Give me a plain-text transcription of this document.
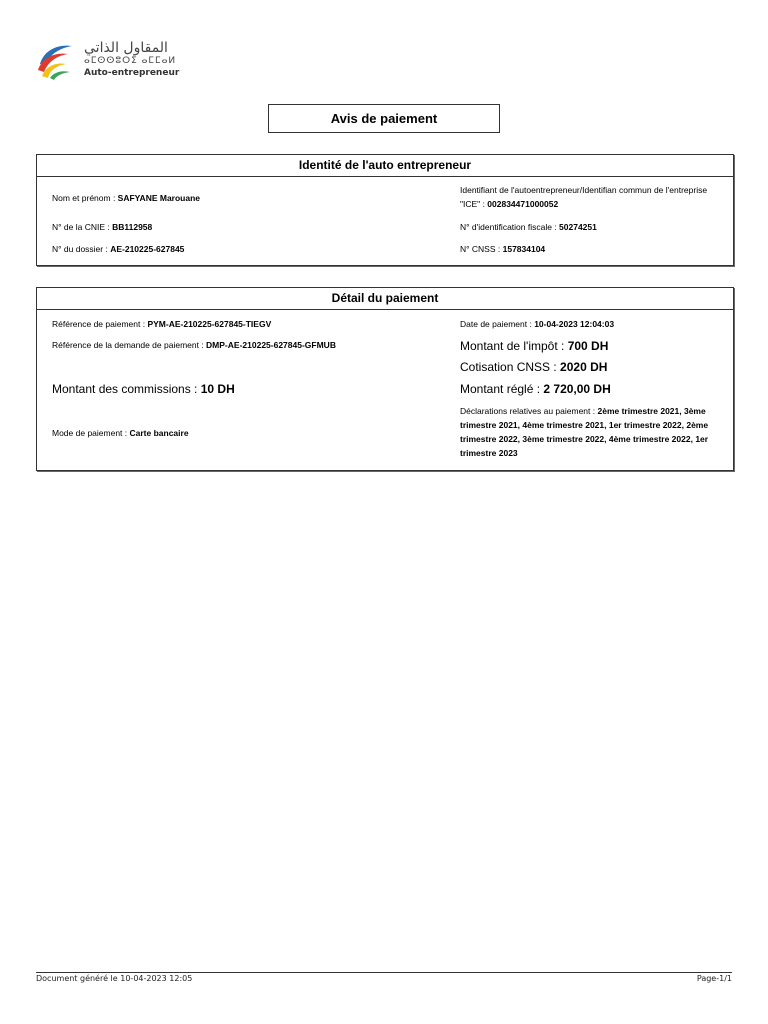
المقاول الذاتي
ⴰⵎⵙⵙⵓⵔⵉ ⴰⵎⵎⴰⵍ
Auto-entrepreneur
Avis de paiement
Identité de l'auto entrepreneur
Nom et prénom : SAFYANE Marouane
Identifiant de l'autoentrepreneur/Identifian commun de l'entreprise "ICE" : 002834471000052
N° de la CNIE : BB112958	N° d'identification fiscale : 50274251
N° du dossier : AE-210225-627845	N° CNSS : 157834104
Détail du paiement
Référence de paiement : PYM-AE-210225-627845-TIEGV	Date de paiement : 10-04-2023 12:04:03
Référence de la demande de paiement : DMP-AE-210225-627845-GFMUB	Montant de l'impôt : 700 DH
Cotisation CNSS : 2020 DH
Montant des commissions : 10 DH	Montant réglé : 2 720,00 DH
Mode de paiement : Carte bancaire
Déclarations relatives au paiement : 2ème trimestre 2021, 3ème trimestre 2021, 4ème trimestre 2021, 1er trimestre 2022, 2ème trimestre 2022, 3ème trimestre 2022, 4ème trimestre 2022, 1er trimestre 2023
Document généré le 10-04-2023 12:05	Page-1/1
